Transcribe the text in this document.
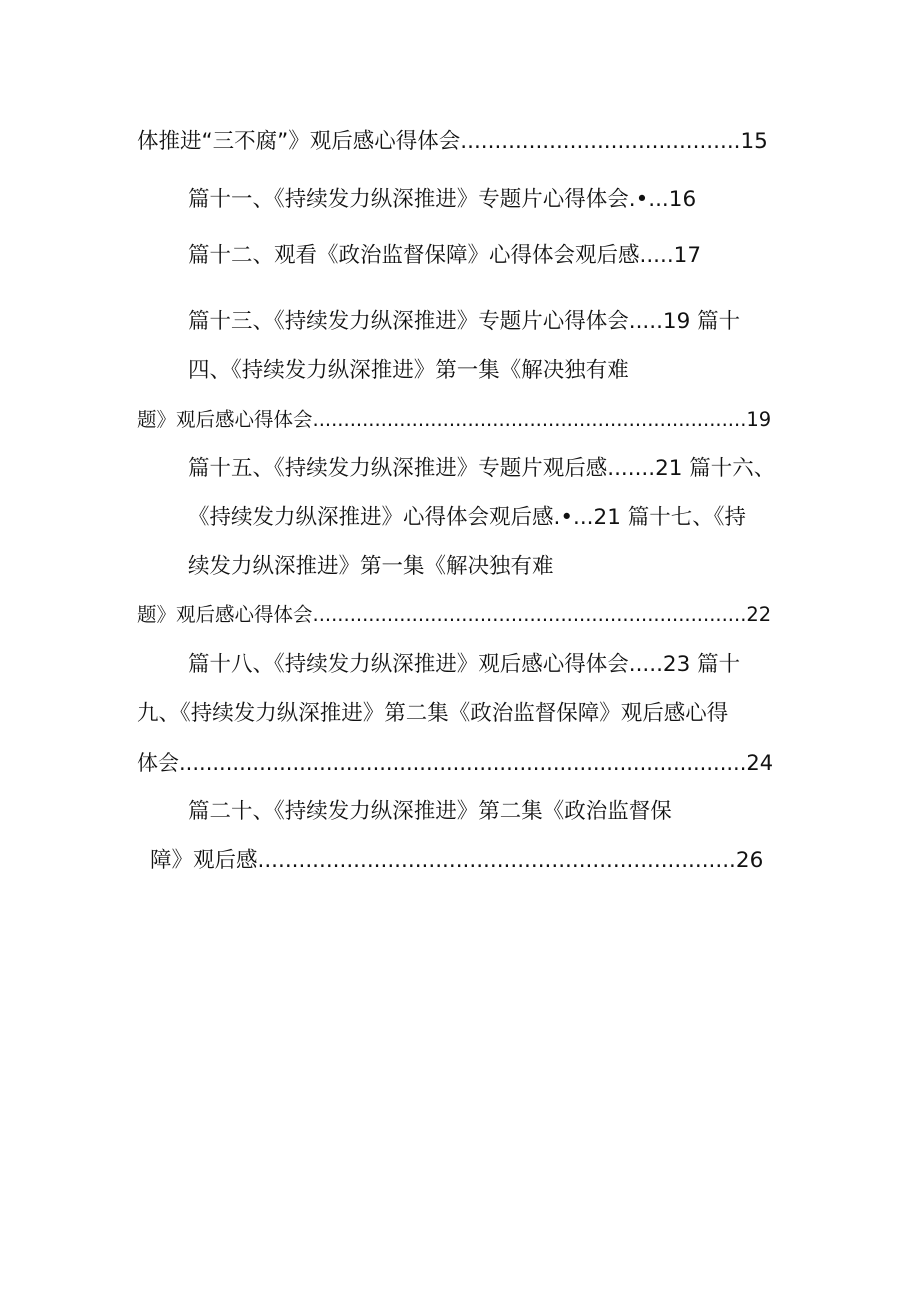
体推进“三不腐”》观后感心得体会.........................................15
篇十一、《持续发力纵深推进》专题片心得体会.•...16
篇十二、观看《政治监督保障》心得体会观后感.....17
篇十三、《持续发力纵深推进》专题片心得体会.....19 篇十
四、《持续发力纵深推进》第一集《解决独有难
题》观后感心得体会......................................................................19
篇十五、《持续发力纵深推进》专题片观后感.......21 篇十六、
《持续发力纵深推进》心得体会观后感.•...21 篇十七、《持
续发力纵深推进》第一集《解决独有难
题》观后感心得体会......................................................................22
篇十八、《持续发力纵深推进》观后感心得体会.....23 篇十
九、《持续发力纵深推进》第二集《政治监督保障》观后感心得
体会.....................................................................................24
篇二十、《持续发力纵深推进》第二集《政治监督保
障》观后感......................................................................26
